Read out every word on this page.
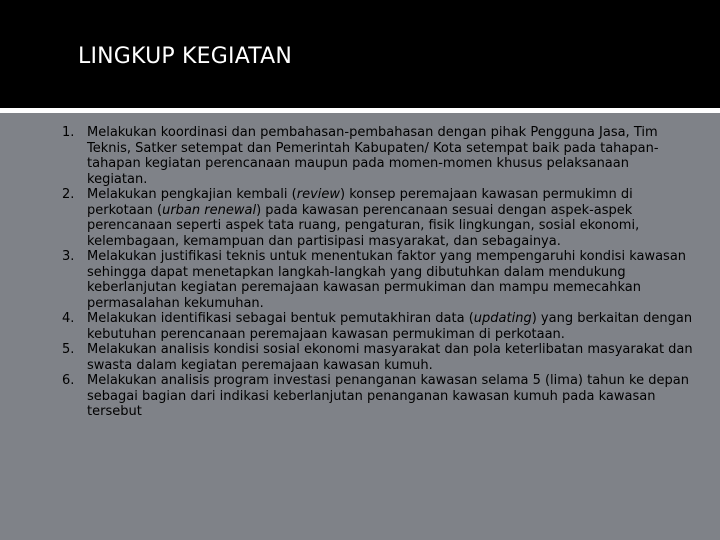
LINGKUP KEGIATAN
1. Melakukan koordinasi dan pembahasan-pembahasan dengan pihak Pengguna Jasa, Tim Teknis, Satker setempat dan Pemerintah Kabupaten/ Kota setempat baik pada tahapan-tahapan kegiatan perencanaan maupun pada momen-momen khusus pelaksanaan kegiatan.
2. Melakukan pengkajian kembali (review) konsep peremajaan kawasan permukimn di perkotaan (urban renewal) pada kawasan perencanaan sesuai dengan aspek-aspek perencanaan seperti aspek tata ruang, pengaturan, fisik lingkungan, sosial ekonomi, kelembagaan, kemampuan dan partisipasi masyarakat, dan sebagainya.
3. Melakukan justifikasi teknis untuk menentukan faktor yang mempengaruhi kondisi kawasan sehingga dapat menetapkan langkah-langkah yang dibutuhkan dalam mendukung keberlanjutan kegiatan peremajaan kawasan permukiman dan mampu memecahkan permasalahan kekumuhan.
4. Melakukan identifikasi sebagai bentuk pemutakhiran data (updating) yang berkaitan dengan kebutuhan perencanaan peremajaan kawasan permukiman di perkotaan.
5. Melakukan analisis kondisi sosial ekonomi masyarakat dan pola keterlibatan masyarakat dan swasta dalam kegiatan peremajaan kawasan kumuh.
6. Melakukan analisis program investasi penanganan kawasan selama 5 (lima) tahun ke depan sebagai bagian dari indikasi keberlanjutan penanganan kawasan kumuh pada kawasan tersebut
